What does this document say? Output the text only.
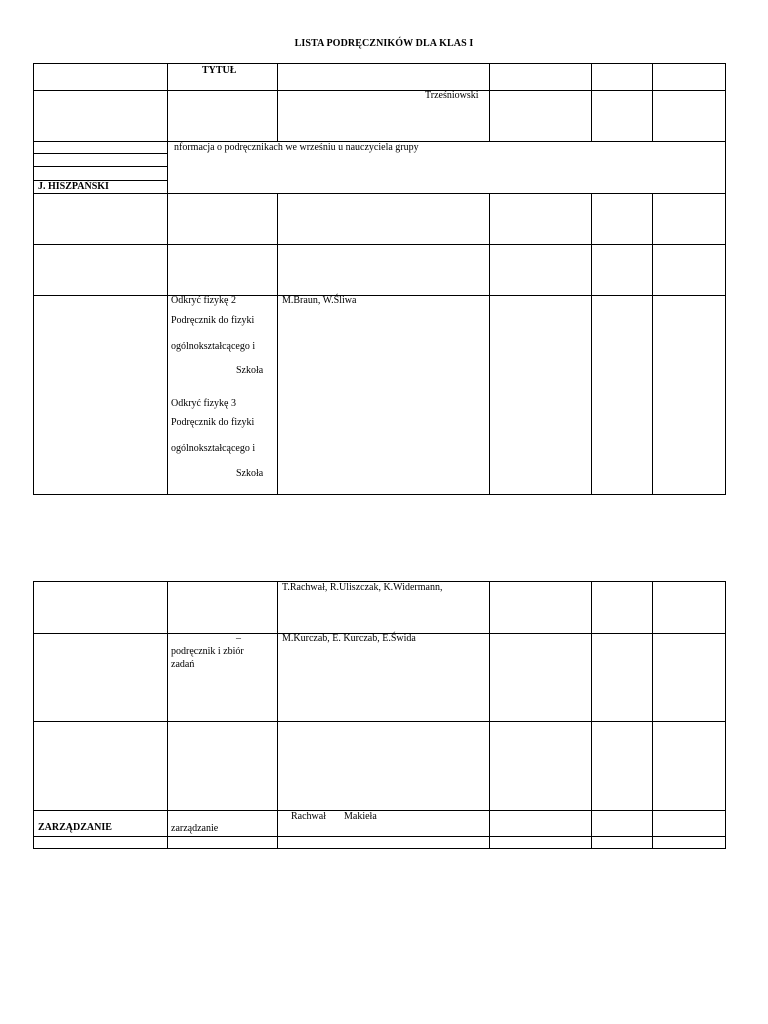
LISTA PODRĘCZNIKÓW DLA KLAS I
TYTUŁ
Trześniowski
nformacja o podręcznikach we wrześniu u nauczyciela grupy
J. HISZPAŃSKI
Odkryć fizykę 2
Podręcznik do fizyki
ogólnokształcącego i
Szkoła
Odkryć fizykę 3
Podręcznik do fizyki
ogólnokształcącego i
Szkoła
M.Braun, W.Śliwa
T.Rachwał, R.Uliszczak, K.Widermann,
–
podręcznik i zbiór
zadań
M.Kurczab, E. Kurczab, E.Świda
ZARZĄDZANIE	zarządzanie
Rachwał Makieła
